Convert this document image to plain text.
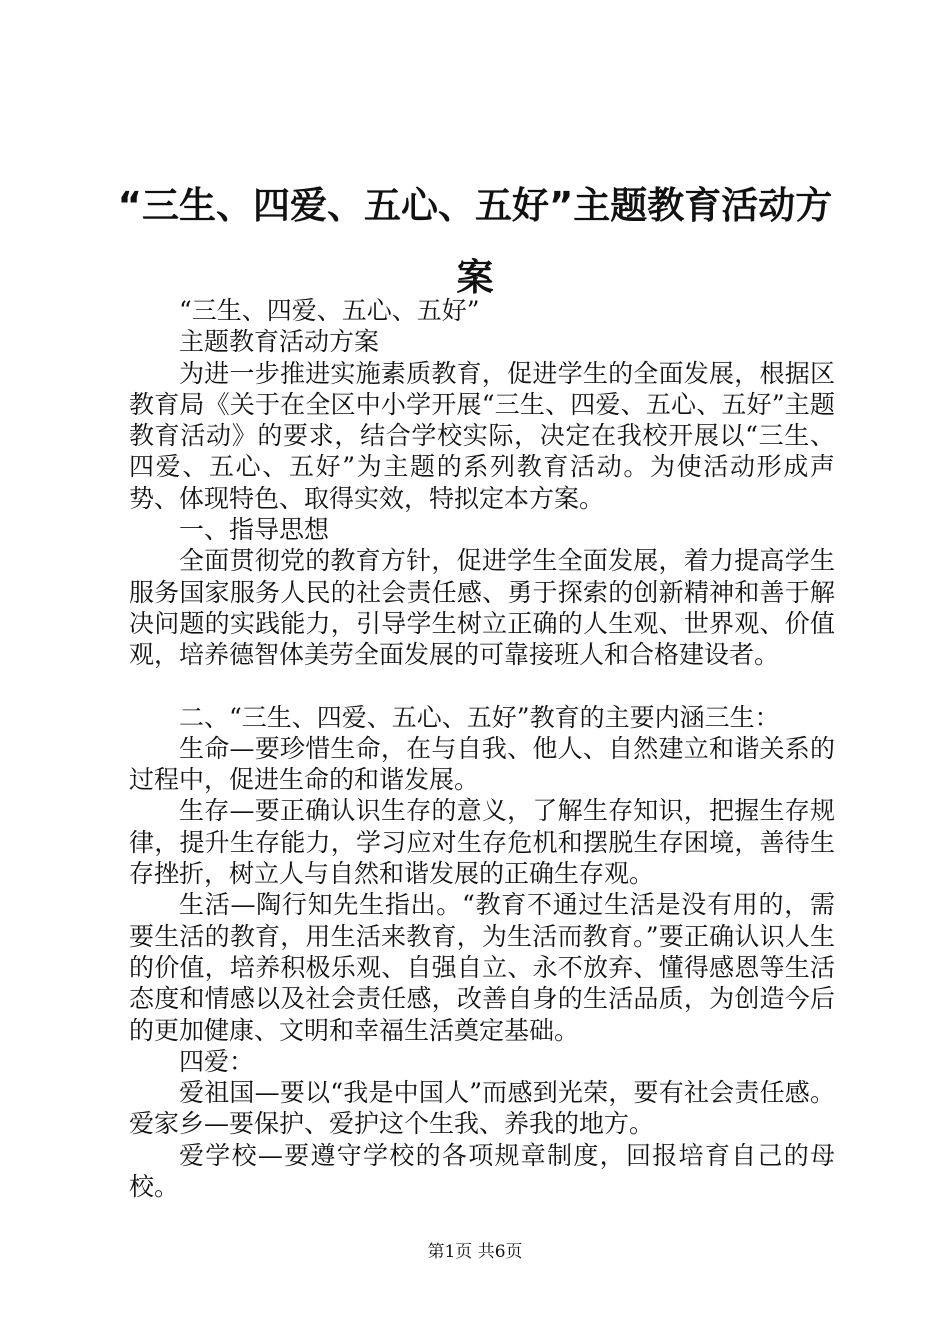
“三生、四爱、五心、五好”主题教育活动方案

“三生、四爱、五心、五好”

主题教育活动方案

为进一步推进实施素质教育，促进学生的全面发展，根据区教育局《关于在全区中小学开展“三生、四爱、五心、五好”主题教育活动》的要求，结合学校实际，决定在我校开展以“三生、四爱、五心、五好”为主题的系列教育活动。为使活动形成声势、体现特色、取得实效，特拟定本方案。

一、指导思想

全面贯彻党的教育方针，促进学生全面发展，着力提高学生服务国家服务人民的社会责任感、勇于探索的创新精神和善于解决问题的实践能力，引导学生树立正确的人生观、世界观、价值观，培养德智体美劳全面发展的可靠接班人和合格建设者。

二、“三生、四爱、五心、五好”教育的主要内涵三生：

生命—要珍惜生命，在与自我、他人、自然建立和谐关系的过程中，促进生命的和谐发展。

生存—要正确认识生存的意义，了解生存知识，把握生存规律，提升生存能力，学习应对生存危机和摆脱生存困境，善待生存挫折，树立人与自然和谐发展的正确生存观。

生活—陶行知先生指出。“教育不通过生活是没有用的，需要生活的教育，用生活来教育，为生活而教育。”要正确认识人生的价值，培养积极乐观、自强自立、永不放弃、懂得感恩等生活态度和情感以及社会责任感，改善自身的生活品质，为创造今后的更加健康、文明和幸福生活奠定基础。

四爱：

爱祖国—要以“我是中国人”而感到光荣，要有社会责任感。爱家乡—要保护、爱护这个生我、养我的地方。

爱学校—要遵守学校的各项规章制度，回报培育自己的母校。

第1页 共6页
